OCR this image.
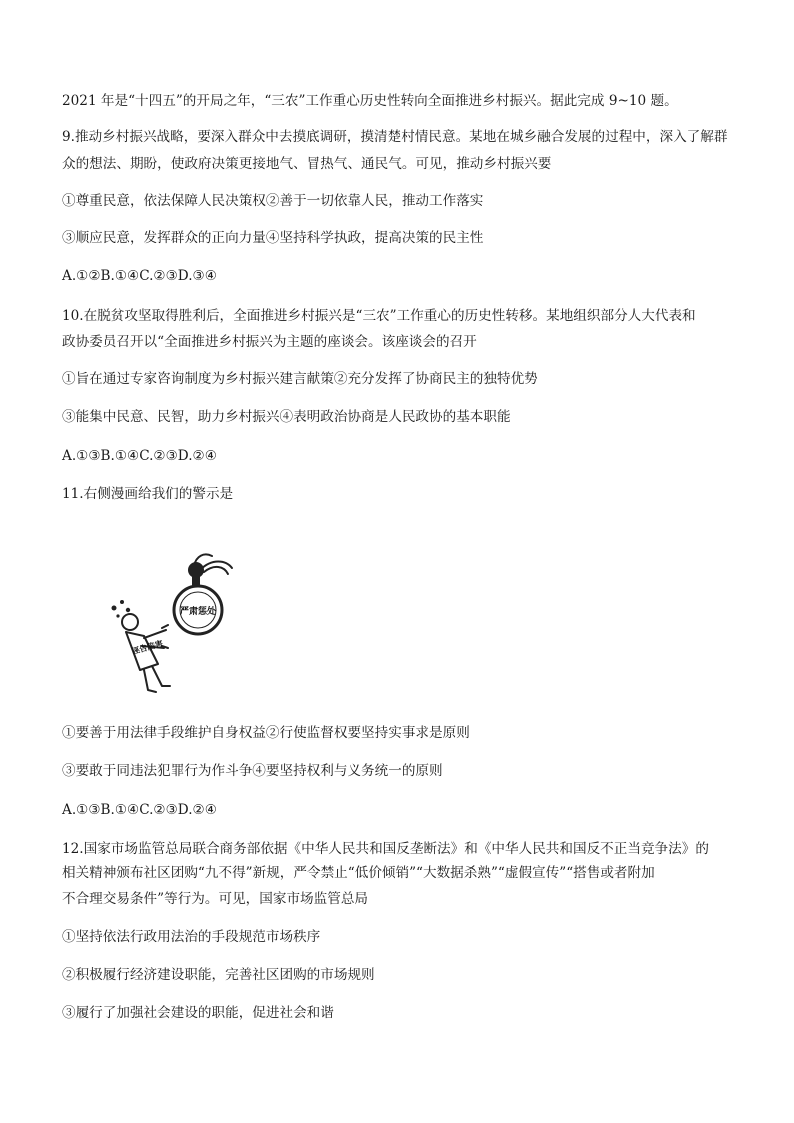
2021 年是“十四五”的开局之年，“三农”工作重心历史性转向全面推进乡村振兴。据此完成 9~10 题。
9.推动乡村振兴战略，要深入群众中去摸底调研，摸清楚村情民意。某地在城乡融合发展的过程中，深入了解群
众的想法、期盼，使政府决策更接地气、冒热气、通民气。可见，推动乡村振兴要
①尊重民意，依法保障人民决策权②善于一切依靠人民，推动工作落实
③顺应民意，发挥群众的正向力量④坚持科学执政，提高决策的民主性
A.①②B.①④C.②③D.③④
10.在脱贫攻坚取得胜利后，全面推进乡村振兴是“三农”工作重心的历史性转移。某地组织部分人大代表和
政协委员召开以“全面推进乡村振兴为主题的座谈会。该座谈会的召开
①旨在通过专家咨询制度为乡村振兴建言献策②充分发挥了协商民主的独特优势
③能集中民意、民智，助力乡村振兴④表明政治协商是人民政协的基本职能
A.①③B.①④C.②③D.②④
11.右侧漫画给我们的警示是
严肃惩处
诬告陷害
①要善于用法律手段维护自身权益②行使监督权要坚持实事求是原则
③要敢于同违法犯罪行为作斗争④要坚持权利与义务统一的原则
A.①③B.①④C.②③D.②④
12.国家市场监管总局联合商务部依据《中华人民共和国反垄断法》和《中华人民共和国反不正当竞争法》的
相关精神颁布社区团购“九不得”新规，严令禁止“低价倾销”“大数据杀熟”“虚假宣传”“搭售或者附加
不合理交易条件”等行为。可见，国家市场监管总局
①坚持依法行政用法治的手段规范市场秩序
②积极履行经济建设职能，完善社区团购的市场规则
③履行了加强社会建设的职能，促进社会和谐
